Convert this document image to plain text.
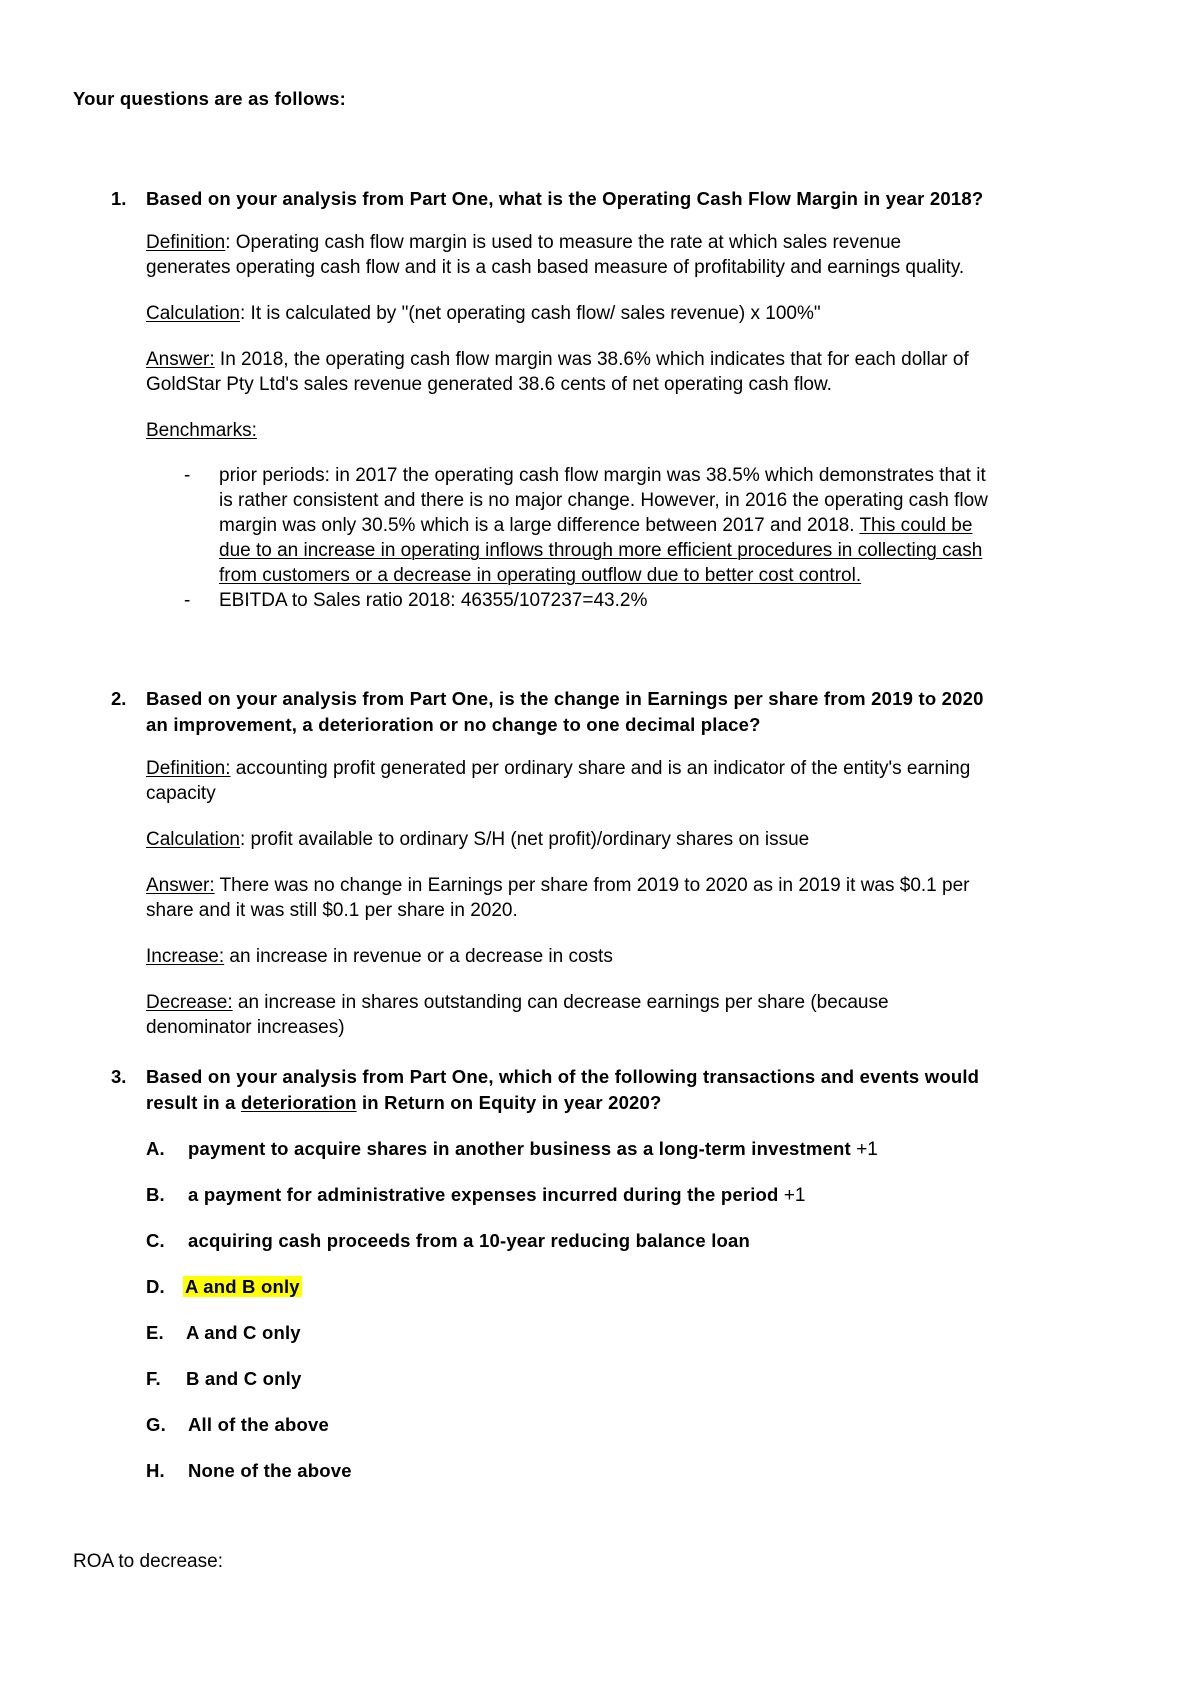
Your questions are as follows:
1. Based on your analysis from Part One, what is the Operating Cash Flow Margin in year 2018?
Definition: Operating cash flow margin is used to measure the rate at which sales revenue
generates operating cash flow and it is a cash based measure of profitability and earnings quality.
Calculation: It is calculated by "(net operating cash flow/ sales revenue) x 100%"
Answer: In 2018, the operating cash flow margin was 38.6% which indicates that for each dollar of
GoldStar Pty Ltd's sales revenue generated 38.6 cents of net operating cash flow.
Benchmarks:
- prior periods: in 2017 the operating cash flow margin was 38.5% which demonstrates that it
is rather consistent and there is no major change. However, in 2016 the operating cash flow
margin was only 30.5% which is a large difference between 2017 and 2018. This could be
due to an increase in operating inflows through more efficient procedures in collecting cash
from customers or a decrease in operating outflow due to better cost control.
- EBITDA to Sales ratio 2018: 46355/107237=43.2%
2. Based on your analysis from Part One, is the change in Earnings per share from 2019 to 2020
an improvement, a deterioration or no change to one decimal place?
Definition: accounting profit generated per ordinary share and is an indicator of the entity's earning
capacity
Calculation: profit available to ordinary S/H (net profit)/ordinary shares on issue
Answer: There was no change in Earnings per share from 2019 to 2020 as in 2019 it was $0.1 per
share and it was still $0.1 per share in 2020.
Increase: an increase in revenue or a decrease in costs
Decrease: an increase in shares outstanding can decrease earnings per share (because
denominator increases)
3. Based on your analysis from Part One, which of the following transactions and events would
result in a deterioration in Return on Equity in year 2020?
A. payment to acquire shares in another business as a long-term investment +1
B. a payment for administrative expenses incurred during the period +1
C. acquiring cash proceeds from a 10-year reducing balance loan
D. A and B only
E. A and C only
F. B and C only
G. All of the above
H. None of the above
ROA to decrease:
